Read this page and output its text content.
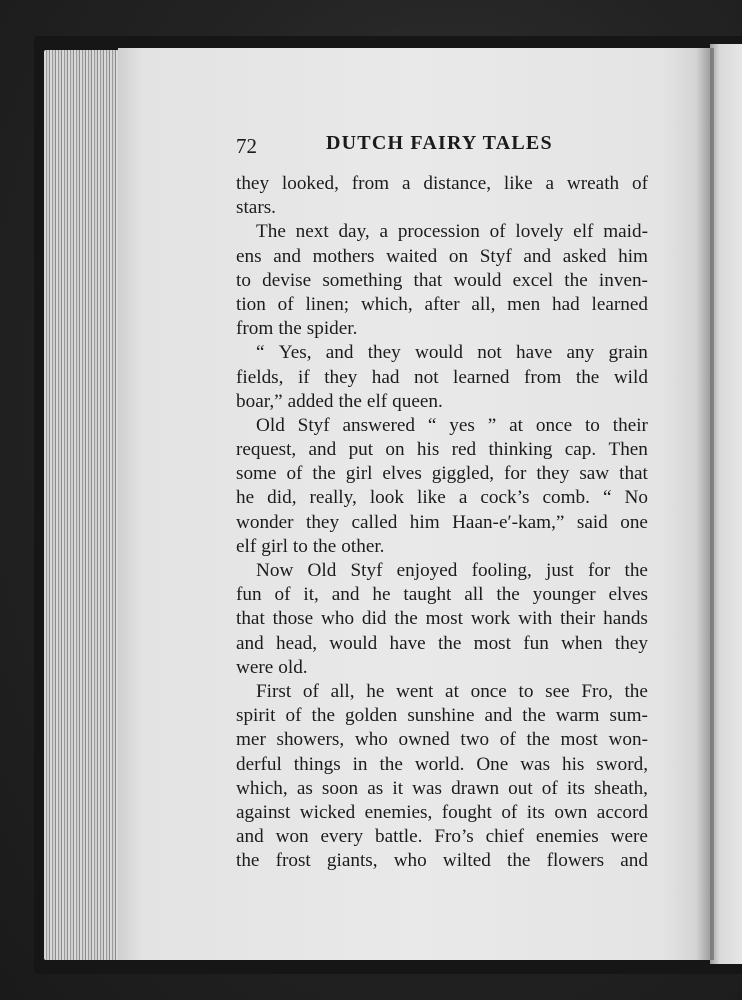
72	DUTCH FAIRY TALES
they looked, from a distance, like a wreath of
stars.
The next day, a procession of lovely elf maid-
ens and mothers waited on Styf and asked him
to devise something that would excel the inven-
tion of linen; which, after all, men had learned
from the spider.
“ Yes, and they would not have any grain
fields, if they had not learned from the wild
boar,” added the elf queen.
Old Styf answered “ yes ” at once to their
request, and put on his red thinking cap. Then
some of the girl elves giggled, for they saw that
he did, really, look like a cock’s comb. “ No
wonder they called him Haan-e′-kam,” said one
elf girl to the other.
Now Old Styf enjoyed fooling, just for the
fun of it, and he taught all the younger elves
that those who did the most work with their hands
and head, would have the most fun when they
were old.
First of all, he went at once to see Fro, the
spirit of the golden sunshine and the warm sum-
mer showers, who owned two of the most won-
derful things in the world. One was his sword,
which, as soon as it was drawn out of its sheath,
against wicked enemies, fought of its own accord
and won every battle. Fro’s chief enemies were
the frost giants, who wilted the flowers and
